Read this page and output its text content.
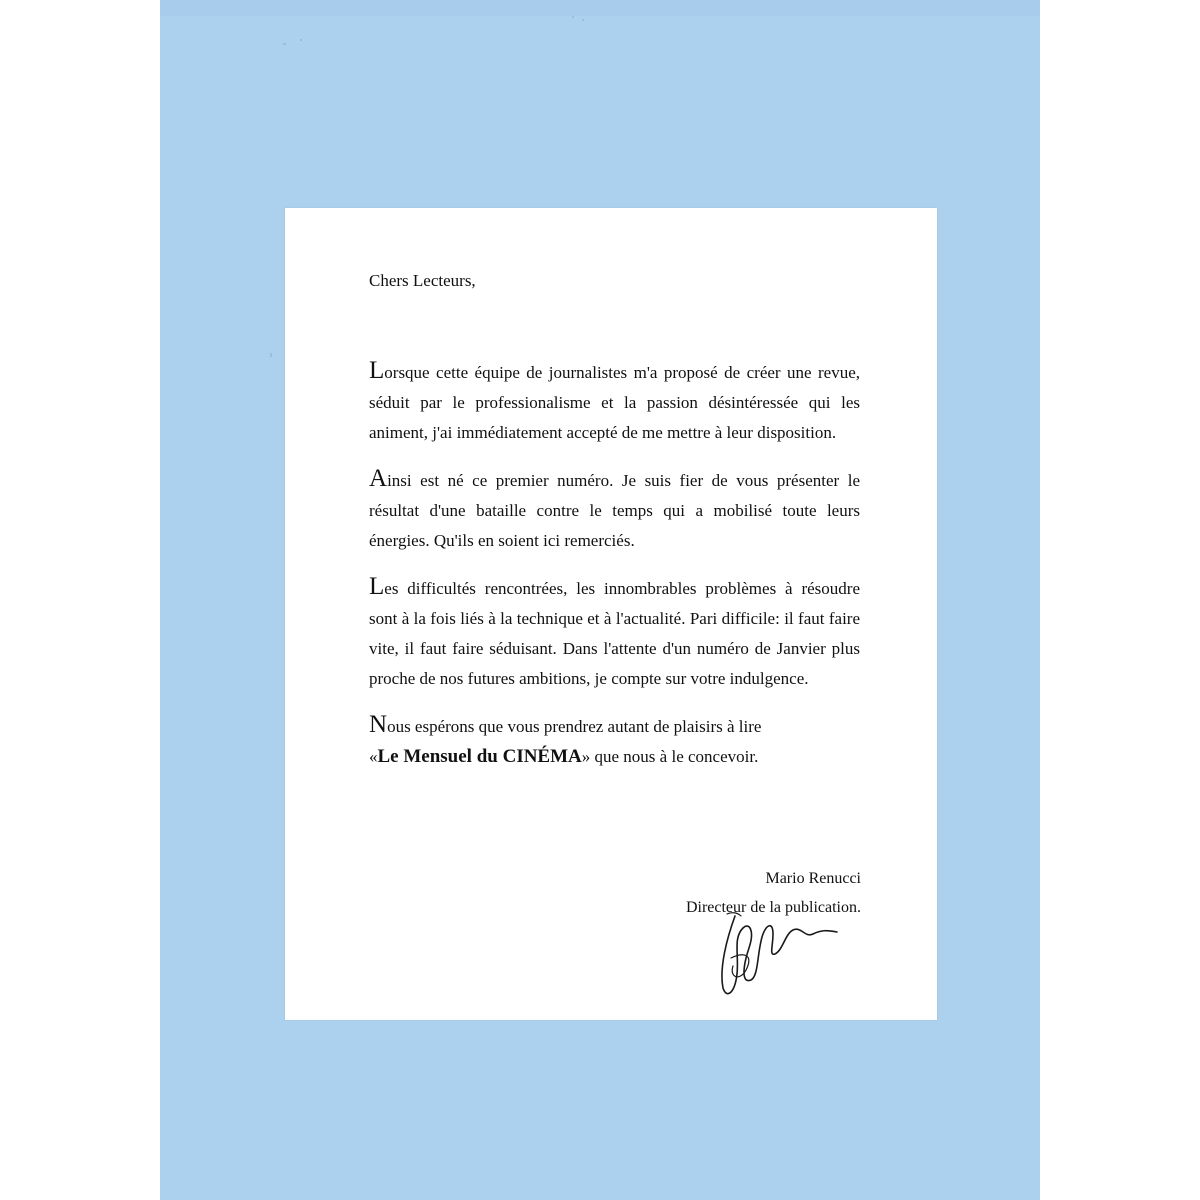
Chers Lecteurs,

Lorsque cette équipe de journalistes m'a proposé de créer une revue, séduit par le professionalisme et la passion désintéressée qui les animent, j'ai immédiatement accepté de me mettre à leur disposition.

Ainsi est né ce premier numéro. Je suis fier de vous présenter le résultat d'une bataille contre le temps qui a mobilisé toute leurs énergies. Qu'ils en soient ici remerciés.

Les difficultés rencontrées, les innombrables problèmes à résoudre sont à la fois liés à la technique et à l'actualité. Pari difficile: il faut faire vite, il faut faire séduisant. Dans l'attente d'un numéro de Janvier plus proche de nos futures ambitions, je compte sur votre indulgence.

Nous espérons que vous prendrez autant de plaisirs à lire
«Le Mensuel du CINÉMA» que nous à le concevoir.

Mario Renucci
Directeur de la publication.
